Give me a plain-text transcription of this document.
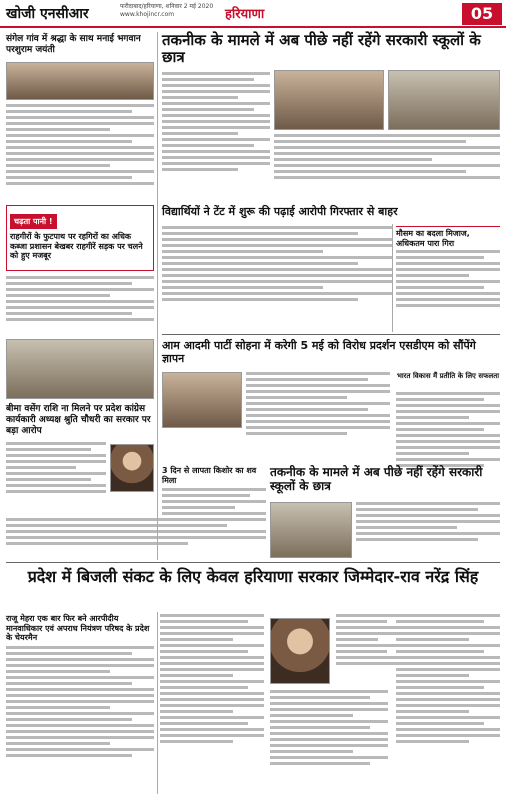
खोजी एनसीआर	फरीदाबाद/हरियाणा, शनिवार 2 मई 2020
www.khojincr.com	हरियाणा	05
संगेल गांव में श्रद्धा के साथ मनाई भगवान परशुराम जयंती
चढ़ता पानी !
राहगीरों के फुटपाथ पर रहगिरों का अधिक कब्जा प्रशासन बेखबर राहगीरें सड़क पर चलने को हुए मजबूर
तकनीक के मामले में अब पीछे नहीं रहेंगे सरकारी स्कूलों के छात्र
विद्यार्थियों ने टेंट में शुरू की पढ़ाई आरोपी गिरफ्तार से बाहर
मौसम का बदला मिजाज, अधिकतम पारा गिरा
आम आदमी पार्टी सोहना में करेगी 5 मई को विरोध प्रदर्शन एसडीएम को सौंपेंगे ज्ञापन
भारत विकास मैं प्रतीति के लिए सफलता
बीमा वसेंग राशि ना मिलने पर प्रदेश कांग्रेस कार्यकारी अध्यक्ष श्रुति चौधरी का सरकार पर बड़ा आरोप
3 दिन से लापता किशोर का शव मिला
तकनीक के मामले में अब पीछे नहीं रहेंगे सरकारी स्कूलों के छात्र
प्रदेश में बिजली संकट के लिए केवल हरियाणा सरकार जिम्मेदार-राव नरेंद्र सिंह
राजू मेहरा एक बार फिर बने आरपीदीय मानवाधिकार एवं अपराध नियंत्रण परिषद के प्रदेश के चेयरमैन
